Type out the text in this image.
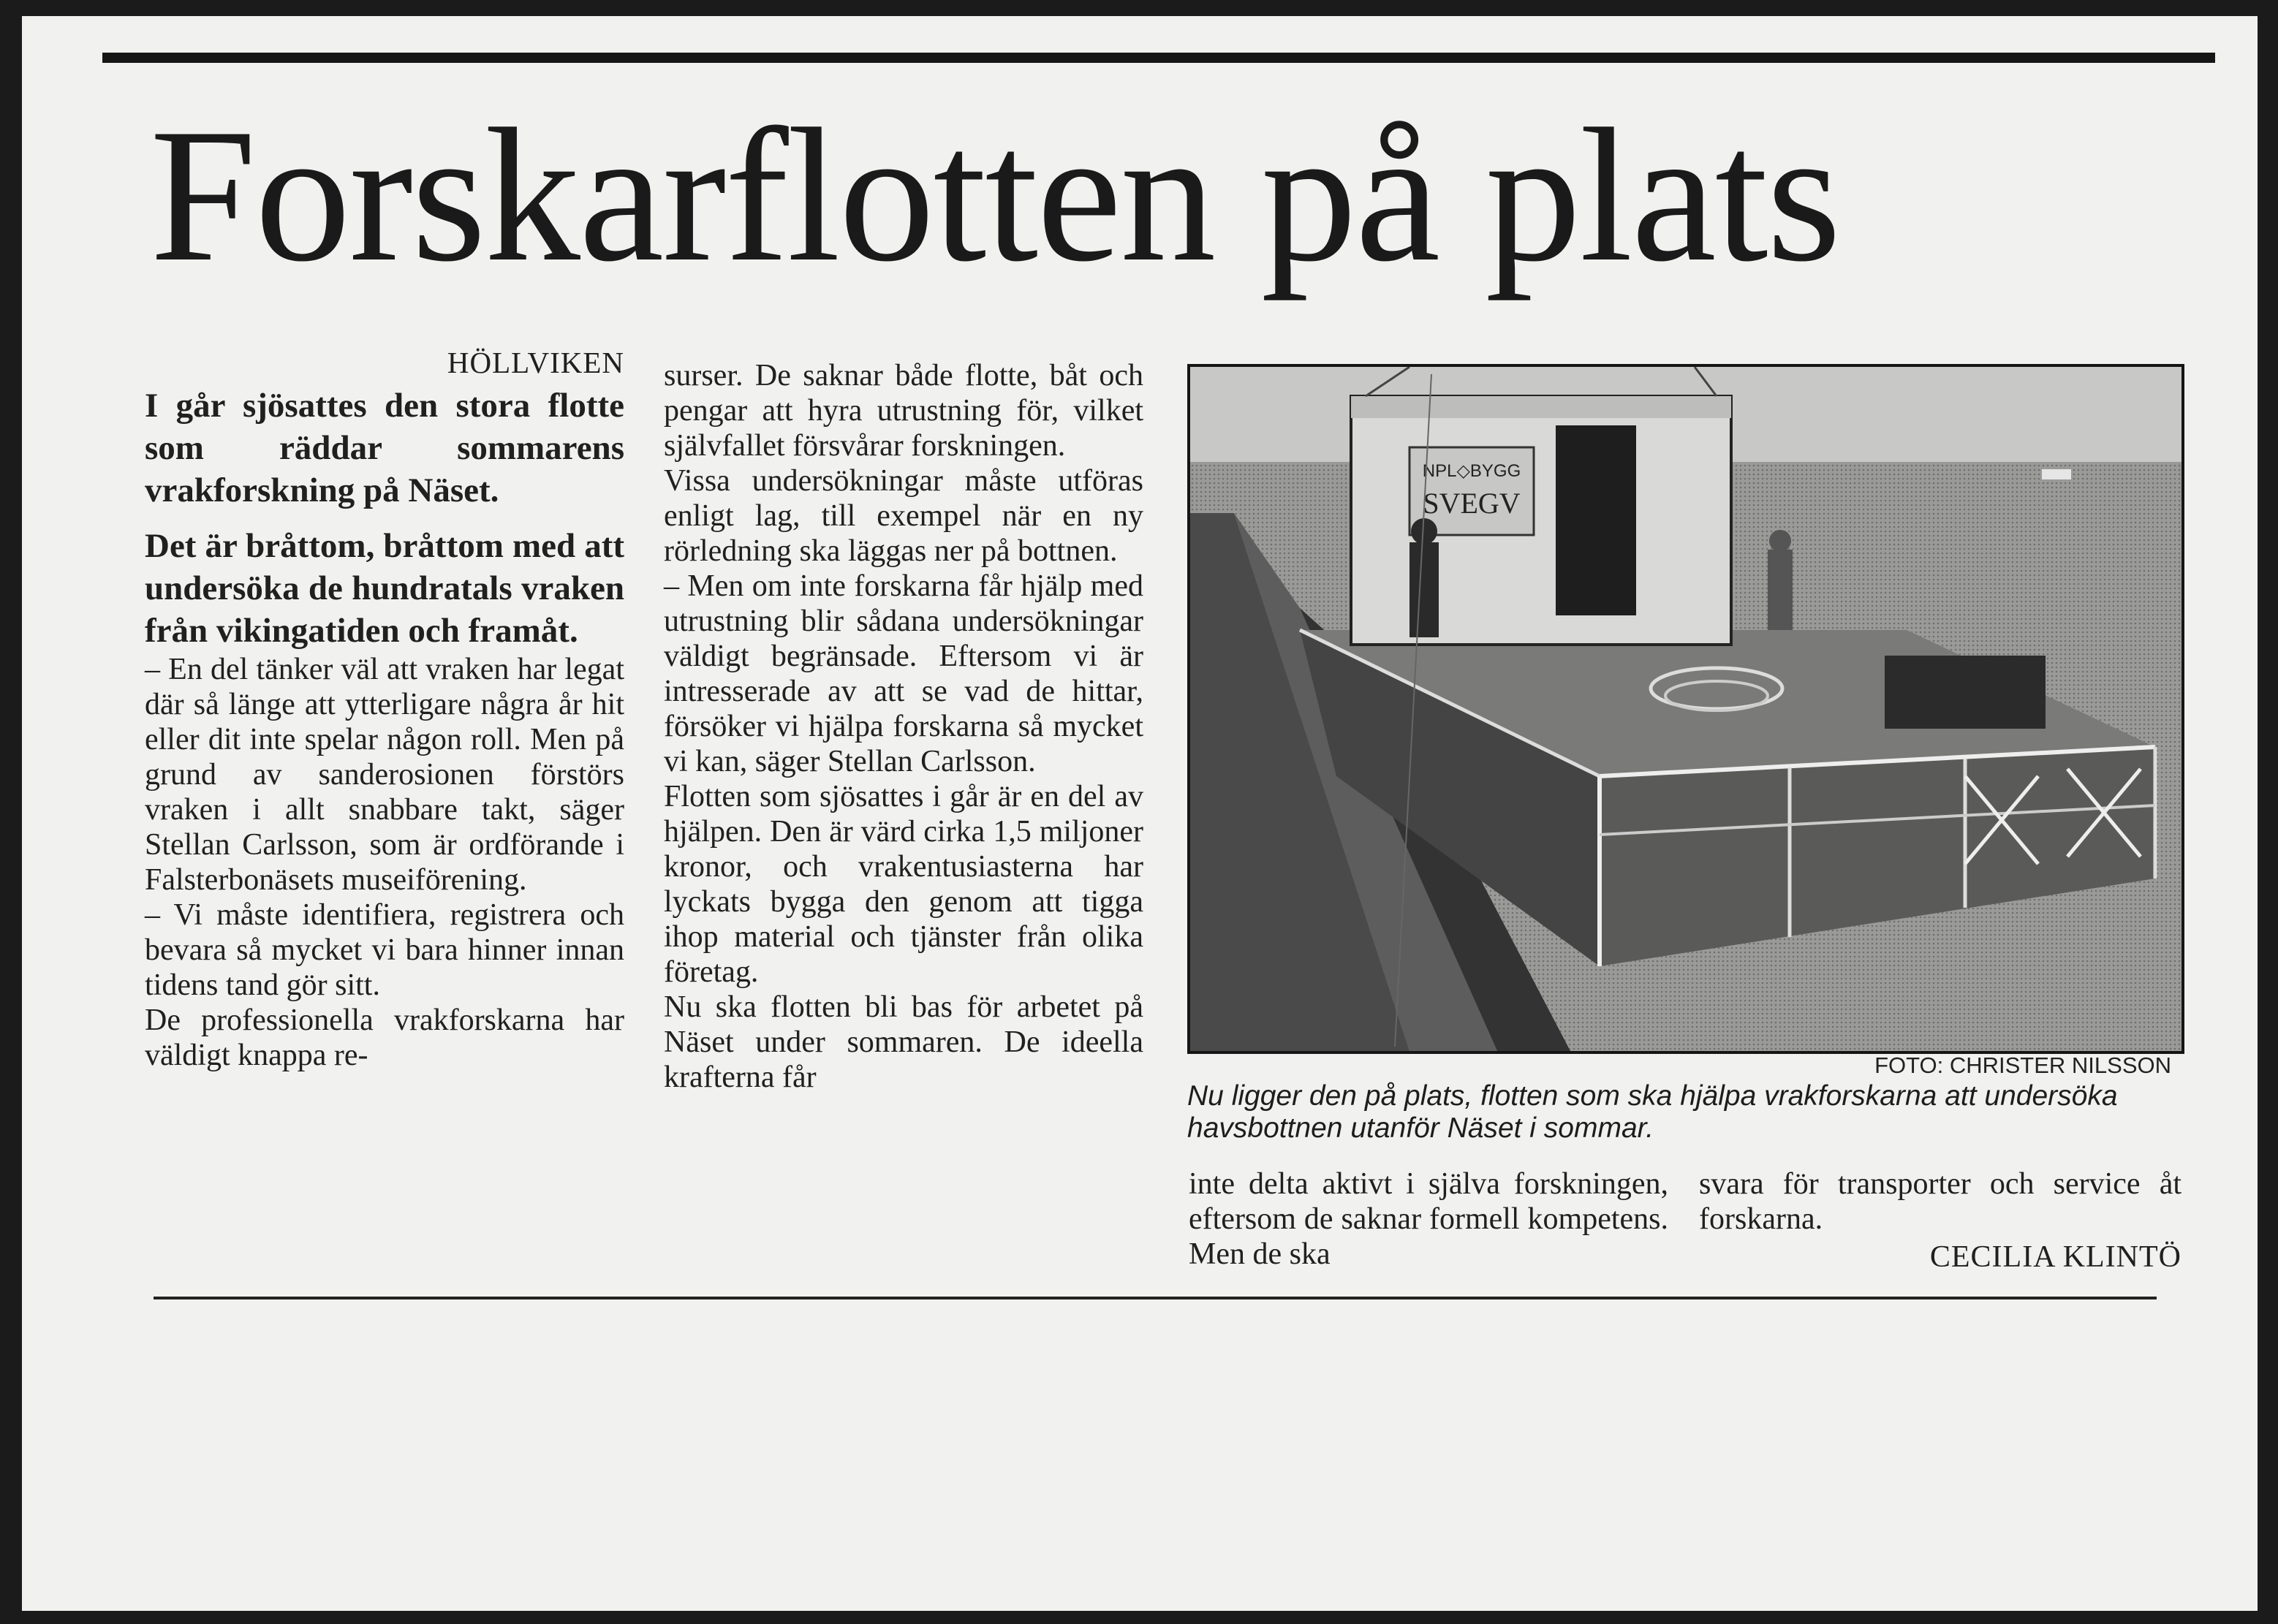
Forskarflotten på plats

HÖLLVIKEN

I går sjösattes den stora flotte som räddar sommarens vrakforskning på Näset.

Det är bråttom, bråttom med att undersöka de hundratals vraken från vikingatiden och framåt.

– En del tänker väl att vraken har legat där så länge att ytterligare några år hit eller dit inte spelar någon roll. Men på grund av sanderosionen förstörs vraken i allt snabbare takt, säger Stellan Carlsson, som är ordförande i Falsterbonäsets museiförening.

– Vi måste identifiera, registrera och bevara så mycket vi bara hinner innan tidens tand gör sitt.

De professionella vrakforskarna har väldigt knappa re-

surser. De saknar både flotte, båt och pengar att hyra utrustning för, vilket självfallet försvårar forskningen.

Vissa undersökningar måste utföras enligt lag, till exempel när en ny rörledning ska läggas ner på bottnen.

– Men om inte forskarna får hjälp med utrustning blir sådana undersökningar väldigt begränsade. Eftersom vi är intresserade av att se vad de hittar, försöker vi hjälpa forskarna så mycket vi kan, säger Stellan Carlsson.

Flotten som sjösattes i går är en del av hjälpen. Den är värd cirka 1,5 miljoner kronor, och vrakentusiasterna har lyckats bygga den genom att tigga ihop material och tjänster från olika företag.

Nu ska flotten bli bas för arbetet på Näset under sommaren. De ideella krafterna får

NPL◇BYGG
SVEGV
FOTO: CHRISTER NILSSON
Nu ligger den på plats, flotten som ska hjälpa vrakforskarna att undersöka havsbottnen utanför Näset i sommar.

inte delta aktivt i själva forskningen, eftersom de saknar formell kompetens. Men de ska

svara för transporter och service åt forskarna.

CECILIA KLINTÖ
